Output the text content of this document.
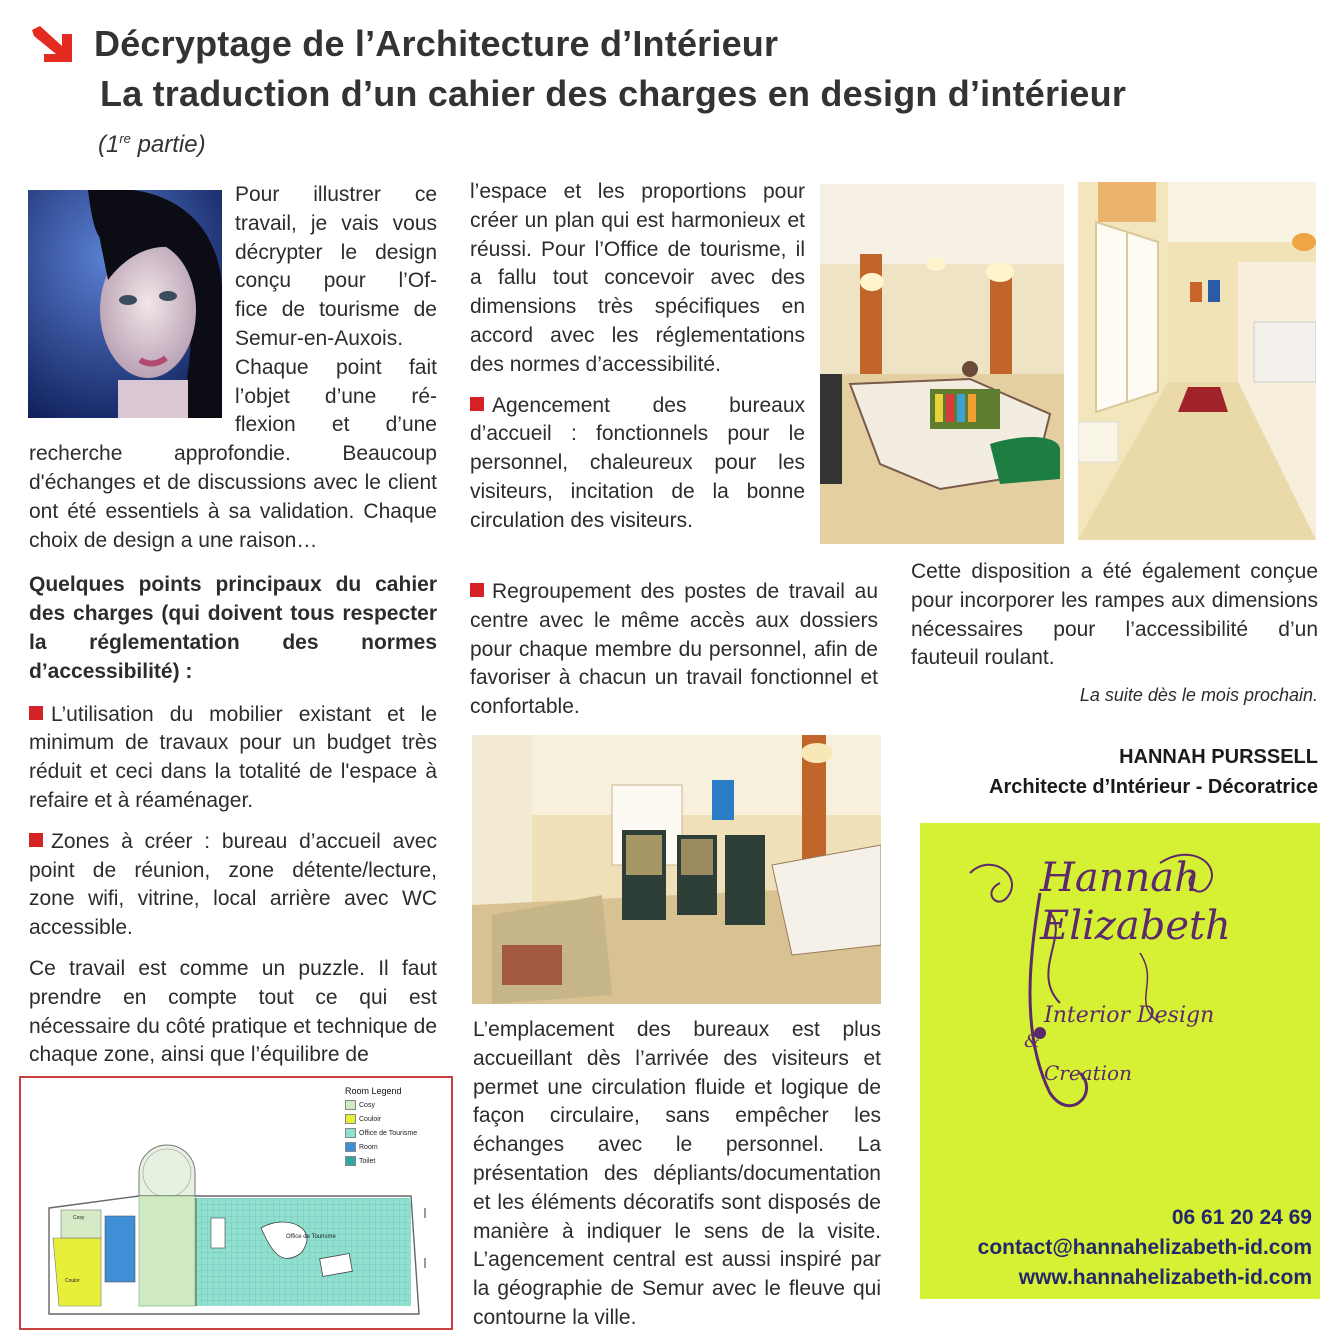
Décryptage de l’Architecture d’Intérieur
La traduction d’un cahier des charges en design d’intérieur
(1re partie)

Pour illustrer ce

travail, je vais vous

décrypter le design

conçu pour l’Of-

fice de tourisme de

Semur-en-Auxois.

Chaque point fait

l’objet d’une ré-

flexion et d’une

recherche approfondie. Beaucoup d'échanges et de discussions avec le client ont été essentiels à sa validation. Chaque choix de design a une raison…

Quelques points principaux du cahier des charges (qui doivent tous respecter la réglementation des normes d’accessibilité) :

L’utilisation du mobilier existant et le minimum de travaux pour un budget très réduit et ceci dans la totalité de l'espace à refaire et à réaménager.

Zones à créer : bureau d’accueil avec point de réunion, zone détente/lecture, zone wifi, vitrine, local arrière avec WC accessible.

Ce travail est comme un puzzle. Il faut prendre en compte tout ce qui est nécessaire du côté pratique et technique de chaque zone, ainsi que l’équilibre de

Office de Tourisme
Cosy
Coulor
Room Legend
Cosy
Couloir
Office de Tourisme
Room
Toilet

l’espace et les proportions pour créer un plan qui est harmonieux et réussi. Pour l’Office de tourisme, il a fallu tout concevoir avec des dimensions très spécifiques en accord avec les réglementations des normes d’accessibilité.

Agencement des bureaux d’accueil : fonctionnels pour le personnel, chaleureux pour les visiteurs, incitation de la bonne circulation des visiteurs.

Regroupement des postes de travail au centre avec le même accès aux dossiers pour chaque membre du personnel, afin de favoriser à chacun un travail fonctionnel et confortable.

L’emplacement des bureaux est plus accueillant dès l’arrivée des visiteurs et permet une circulation fluide et logique de façon circulaire, sans empêcher les échanges avec le personnel. La présentation des dépliants/documentation et les éléments décoratifs sont disposés de manière à indiquer le sens de la visite. L’agencement central est aussi inspiré par la géographie de Semur avec le fleuve qui contourne la ville.

Cette disposition a été également conçue pour incorporer les rampes aux dimensions nécessaires pour l’accessibilité d’un fauteuil roulant.

La suite dès le mois prochain.

HANNAH PURSSELL
Architecte d’Intérieur - Décoratrice
Hannah
Elizabeth
Interior Design
&
Creation
06 61 20 24 69
contact@hannahelizabeth-id.com
www.hannahelizabeth-id.com
